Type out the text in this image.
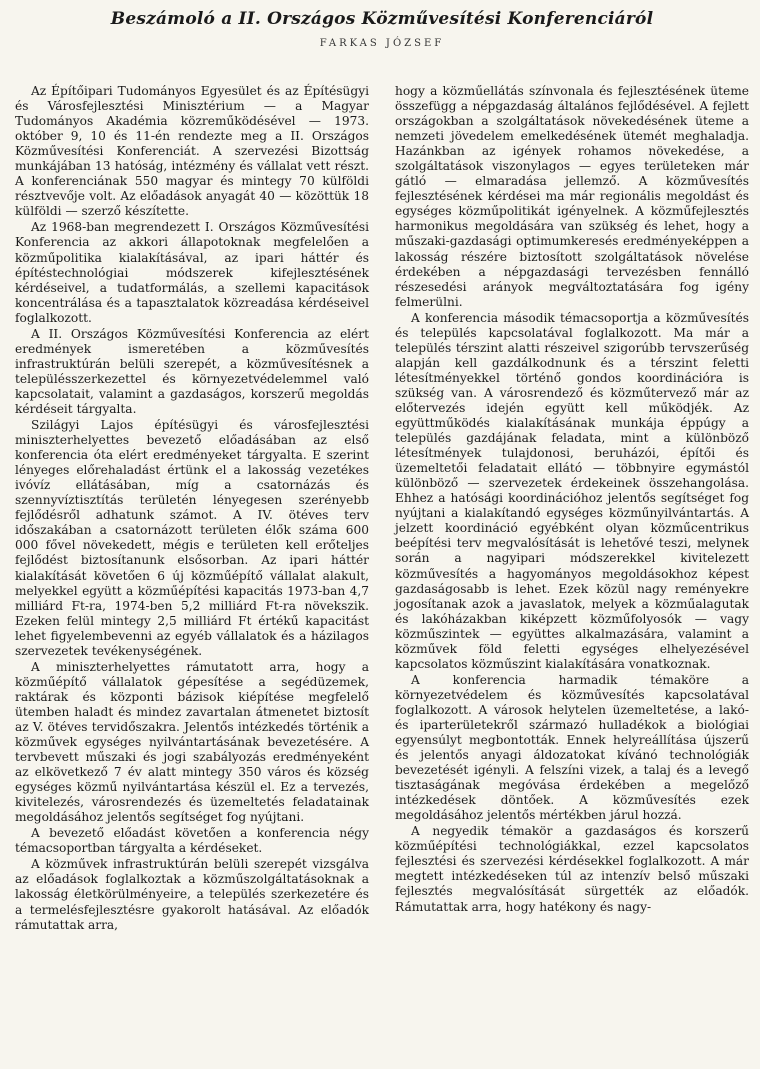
Beszámoló a II. Országos Közművesítési Konferenciáról
FARKAS JÓZSEF

Az Építőipari Tudományos Egyesület és az Építésügyi és Városfejlesztési Minisztérium — a Magyar Tudományos Akadémia közreműködésével — 1973. október 9, 10 és 11-én rendezte meg a II. Országos Közművesítési Konferenciát. A szervezési Bizottság munkájában 13 hatóság, intézmény és vállalat vett részt. A konferenciának 550 magyar és mintegy 70 külföldi résztvevője volt. Az előadások anyagát 40 — közöttük 18 külföldi — szerző készítette.

Az 1968-ban megrendezett I. Országos Közművesítési Konferencia az akkori állapotoknak megfelelően a közműpolitika kialakításával, az ipari háttér és építéstechnológiai módszerek kifejlesztésének kérdéseivel, a tudatformálás, a szellemi kapacitások koncentrálása és a tapasztalatok közreadása kérdéseivel foglalkozott.

A II. Országos Közművesítési Konferencia az elért eredmények ismeretében a közművesítés infrastruktúrán belüli szerepét, a közművesítésnek a településszerkezettel és környezetvédelemmel való kapcsolatait, valamint a gazdaságos, korszerű megoldás kérdéseit tárgyalta.

Szilágyi Lajos építésügyi és városfejlesztési miniszterhelyettes bevezető előadásában az első konferencia óta elért eredményeket tárgyalta. E szerint lényeges előrehaladást értünk el a lakosság vezetékes ivóvíz ellátásában, míg a csatornázás és szennyvíztisztítás területén lényegesen szerényebb fejlődésről adhatunk számot. A IV. ötéves terv időszakában a csatornázott területen élők száma 600 000 fővel növekedett, mégis e területen kell erőteljes fejlődést biztosítanunk elsősorban. Az ipari háttér kialakítását követően 6 új közműépítő vállalat alakult, melyekkel együtt a közműépítési kapacitás 1973-ban 4,7 milliárd Ft-ra, 1974-ben 5,2 milliárd Ft-ra növekszik. Ezeken felül mintegy 2,5 milliárd Ft értékű kapacitást lehet figyelembevenni az egyéb vállalatok és a házilagos szervezetek tevékenységének.

A miniszterhelyettes rámutatott arra, hogy a közműépítő vállalatok gépesítése a segédüzemek, raktárak és központi bázisok kiépítése megfelelő ütemben haladt és mindez zavartalan átmenetet biztosít az V. ötéves tervidőszakra. Jelentős intézkedés történik a közművek egységes nyilvántartásának bevezetésére. A tervbevett műszaki és jogi szabályozás eredményeként az elkövetkező 7 év alatt mintegy 350 város és község egységes közmű nyilvántartása készül el. Ez a tervezés, kivitelezés, városrendezés és üzemeltetés feladatainak megoldásához jelentős segítséget fog nyújtani.

A bevezető előadást követően a konferencia négy témacsoportban tárgyalta a kérdéseket.

A közművek infrastruktúrán belüli szerepét vizsgálva az előadások foglalkoztak a közműszolgáltatásoknak a lakosság életkörülményeire, a település szerkezetére és a termelésfejlesztésre gyakorolt hatásával. Az előadók rámutattak arra,

hogy a közműellátás színvonala és fejlesztésének üteme összefügg a népgazdaság általános fejlődésével. A fejlett országokban a szolgáltatások növekedésének üteme a nemzeti jövedelem emelkedésének ütemét meghaladja. Hazánkban az igények rohamos növekedése, a szolgáltatások viszonylagos — egyes területeken már gátló — elmaradása jellemző. A közművesítés fejlesztésének kérdései ma már regionális megoldást és egységes közműpolitikát igényelnek. A közműfejlesztés harmonikus megoldására van szükség és lehet, hogy a műszaki-gazdasági optimumkeresés eredményeképpen a lakosság részére biztosított szolgáltatások növelése érdekében a népgazdasági tervezésben fennálló részesedési arányok megváltoztatására fog igény felmerülni.

A konferencia második témacsoportja a közművesítés és település kapcsolatával foglalkozott. Ma már a település térszint alatti részeivel szigorúbb tervszerűség alapján kell gazdálkodnunk és a térszint feletti létesítményekkel történő gondos koordinációra is szükség van. A városrendező és közműtervező már az előtervezés idején együtt kell működjék. Az együttműködés kialakításának munkája éppúgy a település gazdájának feladata, mint a különböző létesítmények tulajdonosi, beruházói, építői és üzemeltetői feladatait ellátó — többnyire egymástól különböző — szervezetek érdekeinek összehangolása. Ehhez a hatósági koordinációhoz jelentős segítséget fog nyújtani a kialakítandó egységes közműnyilvántartás. A jelzett koordináció egyébként olyan közműcentrikus beépítési terv megvalósítását is lehetővé teszi, melynek során a nagyipari módszerekkel kivitelezett közművesítés a hagyományos megoldásokhoz képest gazdaságosabb is lehet. Ezek közül nagy reményekre jogosítanak azok a javaslatok, melyek a közműalagutak és lakóházakban kiképzett közműfolyosók — vagy közműszintek — együttes alkalmazására, valamint a közművek föld feletti egységes elhelyezésével kapcsolatos közműszint kialakítására vonatkoznak.

A konferencia harmadik témaköre a környezetvédelem és közművesítés kapcsolatával foglalkozott. A városok helytelen üzemeltetése, a lakó- és iparterületekről származó hulladékok a biológiai egyensúlyt megbontották. Ennek helyreállítása újszerű és jelentős anyagi áldozatokat kívánó technológiák bevezetését igényli. A felszíni vizek, a talaj és a levegő tisztaságának megóvása érdekében a megelőző intézkedések döntőek. A közművesítés ezek megoldásához jelentős mértékben járul hozzá.

A negyedik témakör a gazdaságos és korszerű közműépítési technológiákkal, ezzel kapcsolatos fejlesztési és szervezési kérdésekkel foglalkozott. A már megtett intézkedéseken túl az intenzív belső műszaki fejlesztés megvalósítását sürgették az előadók. Rámutattak arra, hogy hatékony és nagy-
